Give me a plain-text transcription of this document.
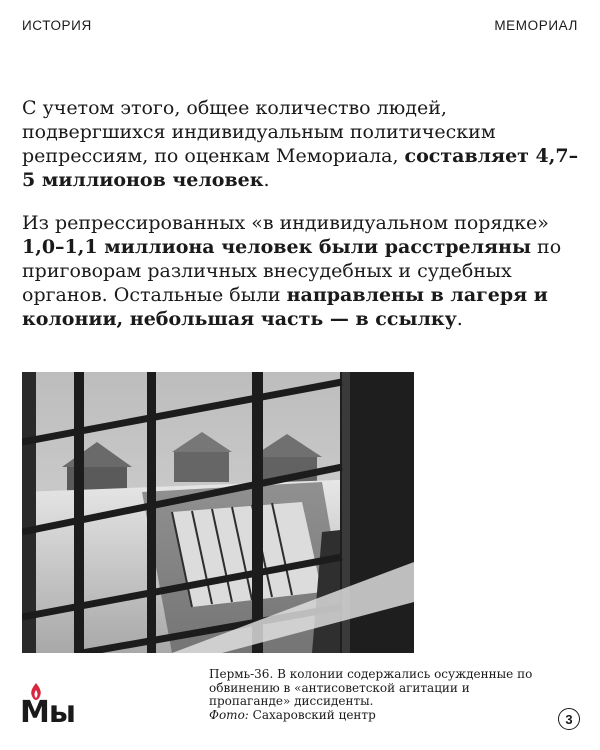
ИСТОРИЯ	МЕМОРИАЛ

С учетом этого, общее количество людей, подвергшихся индивидуальным политическим репрессиям, по оценкам Мемориала, составляет 4,7–5 миллионов человек.

Из репрессированных «в индивидуальном порядке» 1,0–1,1 миллиона человек были расстреляны по приговорам различных внесудебных и судебных органов. Остальные были направлены в лагеря и колонии, небольшая часть — в ссылку.

Мы
Пермь-36. В колонии содержались осужденные по обвинению в «антисоветской агитации и пропаганде» диссиденты.
Фото: Сахаровский центр	3
